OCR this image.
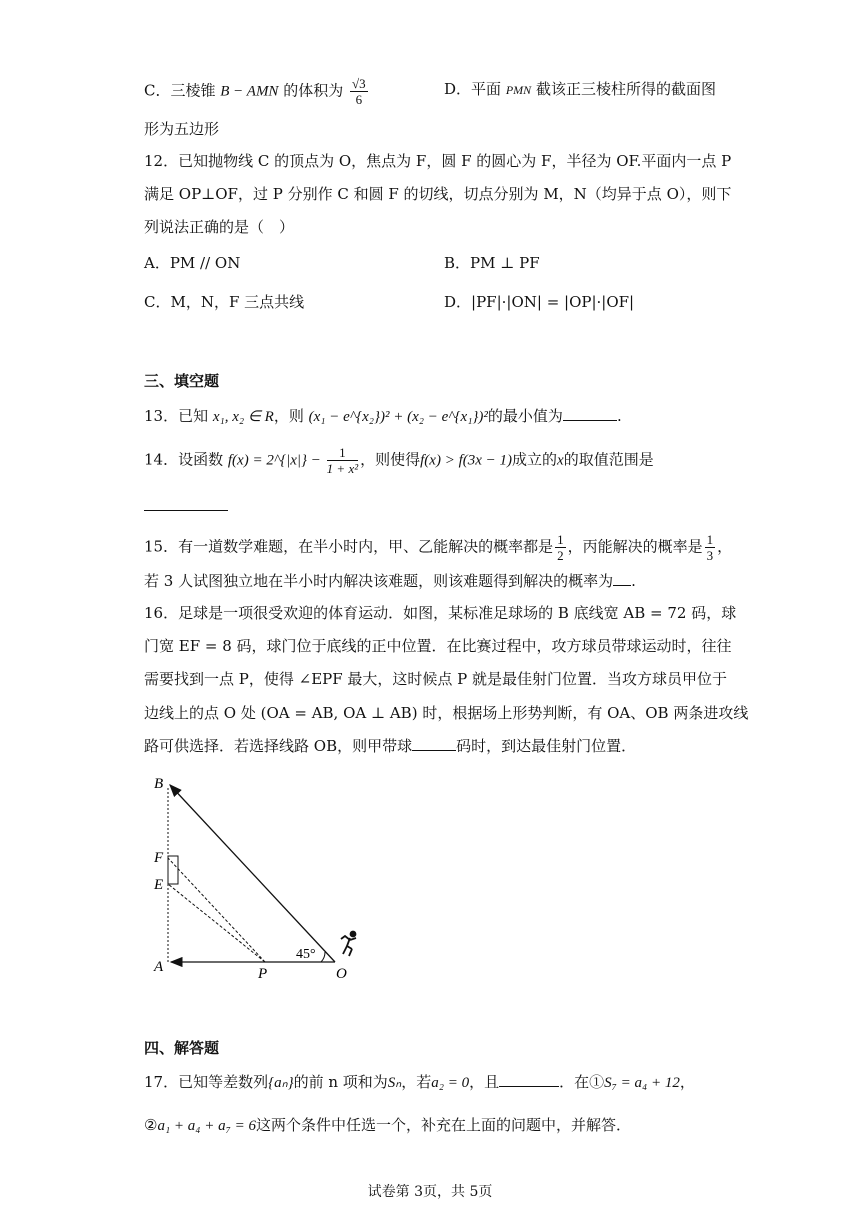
C．三棱锥 B − AMN 的体积为 $\frac{√3}{6}$	D．平面 PMN 截该正三棱柱所得的截面图
形为五边形
12．已知抛物线 C 的顶点为 O，焦点为 F，圆 F 的圆心为 F，半径为 OF.平面内一点 P
满足 OP⊥OF，过 P 分别作 C 和圆 F 的切线，切点分别为 M，N（均异于点 O），则下
列说法正确的是（　）
A．PM // ON	B．PM ⊥ PF
C．M，N，F 三点共线	D．|PF|·|ON| = |OP|·|OF|
三、填空题
13．已知 x₁, x₂ ∈ R，则 (x₁ − e^{x₂})² + (x₂ − e^{x₁})²的最小值为	.
14．设函数 f(x) = 2^{|x|} − $\frac{1}{\text{1 + x²}}$ ，则使得f(x) > f(3x − 1)成立的x的取值范围是
15．有一道数学难题，在半小时内，甲、乙能解决的概率都是 $\frac{1}{2}$ ，丙能解决的概率是 $\frac{1}{3}$ ，
若 3 人试图独立地在半小时内解决该难题，则该难题得到解决的概率为 .
16．足球是一项很受欢迎的体育运动．如图，某标准足球场的 B 底线宽 AB = 72 码，球
门宽 EF = 8 码，球门位于底线的正中位置．在比赛过程中，攻方球员带球运动时，往往
需要找到一点 P，使得 ∠EPF 最大，这时候点 P 就是最佳射门位置．当攻方球员甲位于
边线上的点 O 处 (OA = AB, OA ⊥ AB) 时，根据场上形势判断，有 OA、OB 两条进攻线
路可供选择．若选择线路 OB，则甲带球	码时，到达最佳射门位置．
B
F
E
A	P	O
45°
四、解答题
17．已知等差数列{aₙ}的前 n 项和为Sₙ，若a₂ = 0，且	．在①S₇ = a₄ + 12，
②a₁ + a₄ + a₇ = 6这两个条件中任选一个，补充在上面的问题中，并解答．
试卷第 3页，共 5页
